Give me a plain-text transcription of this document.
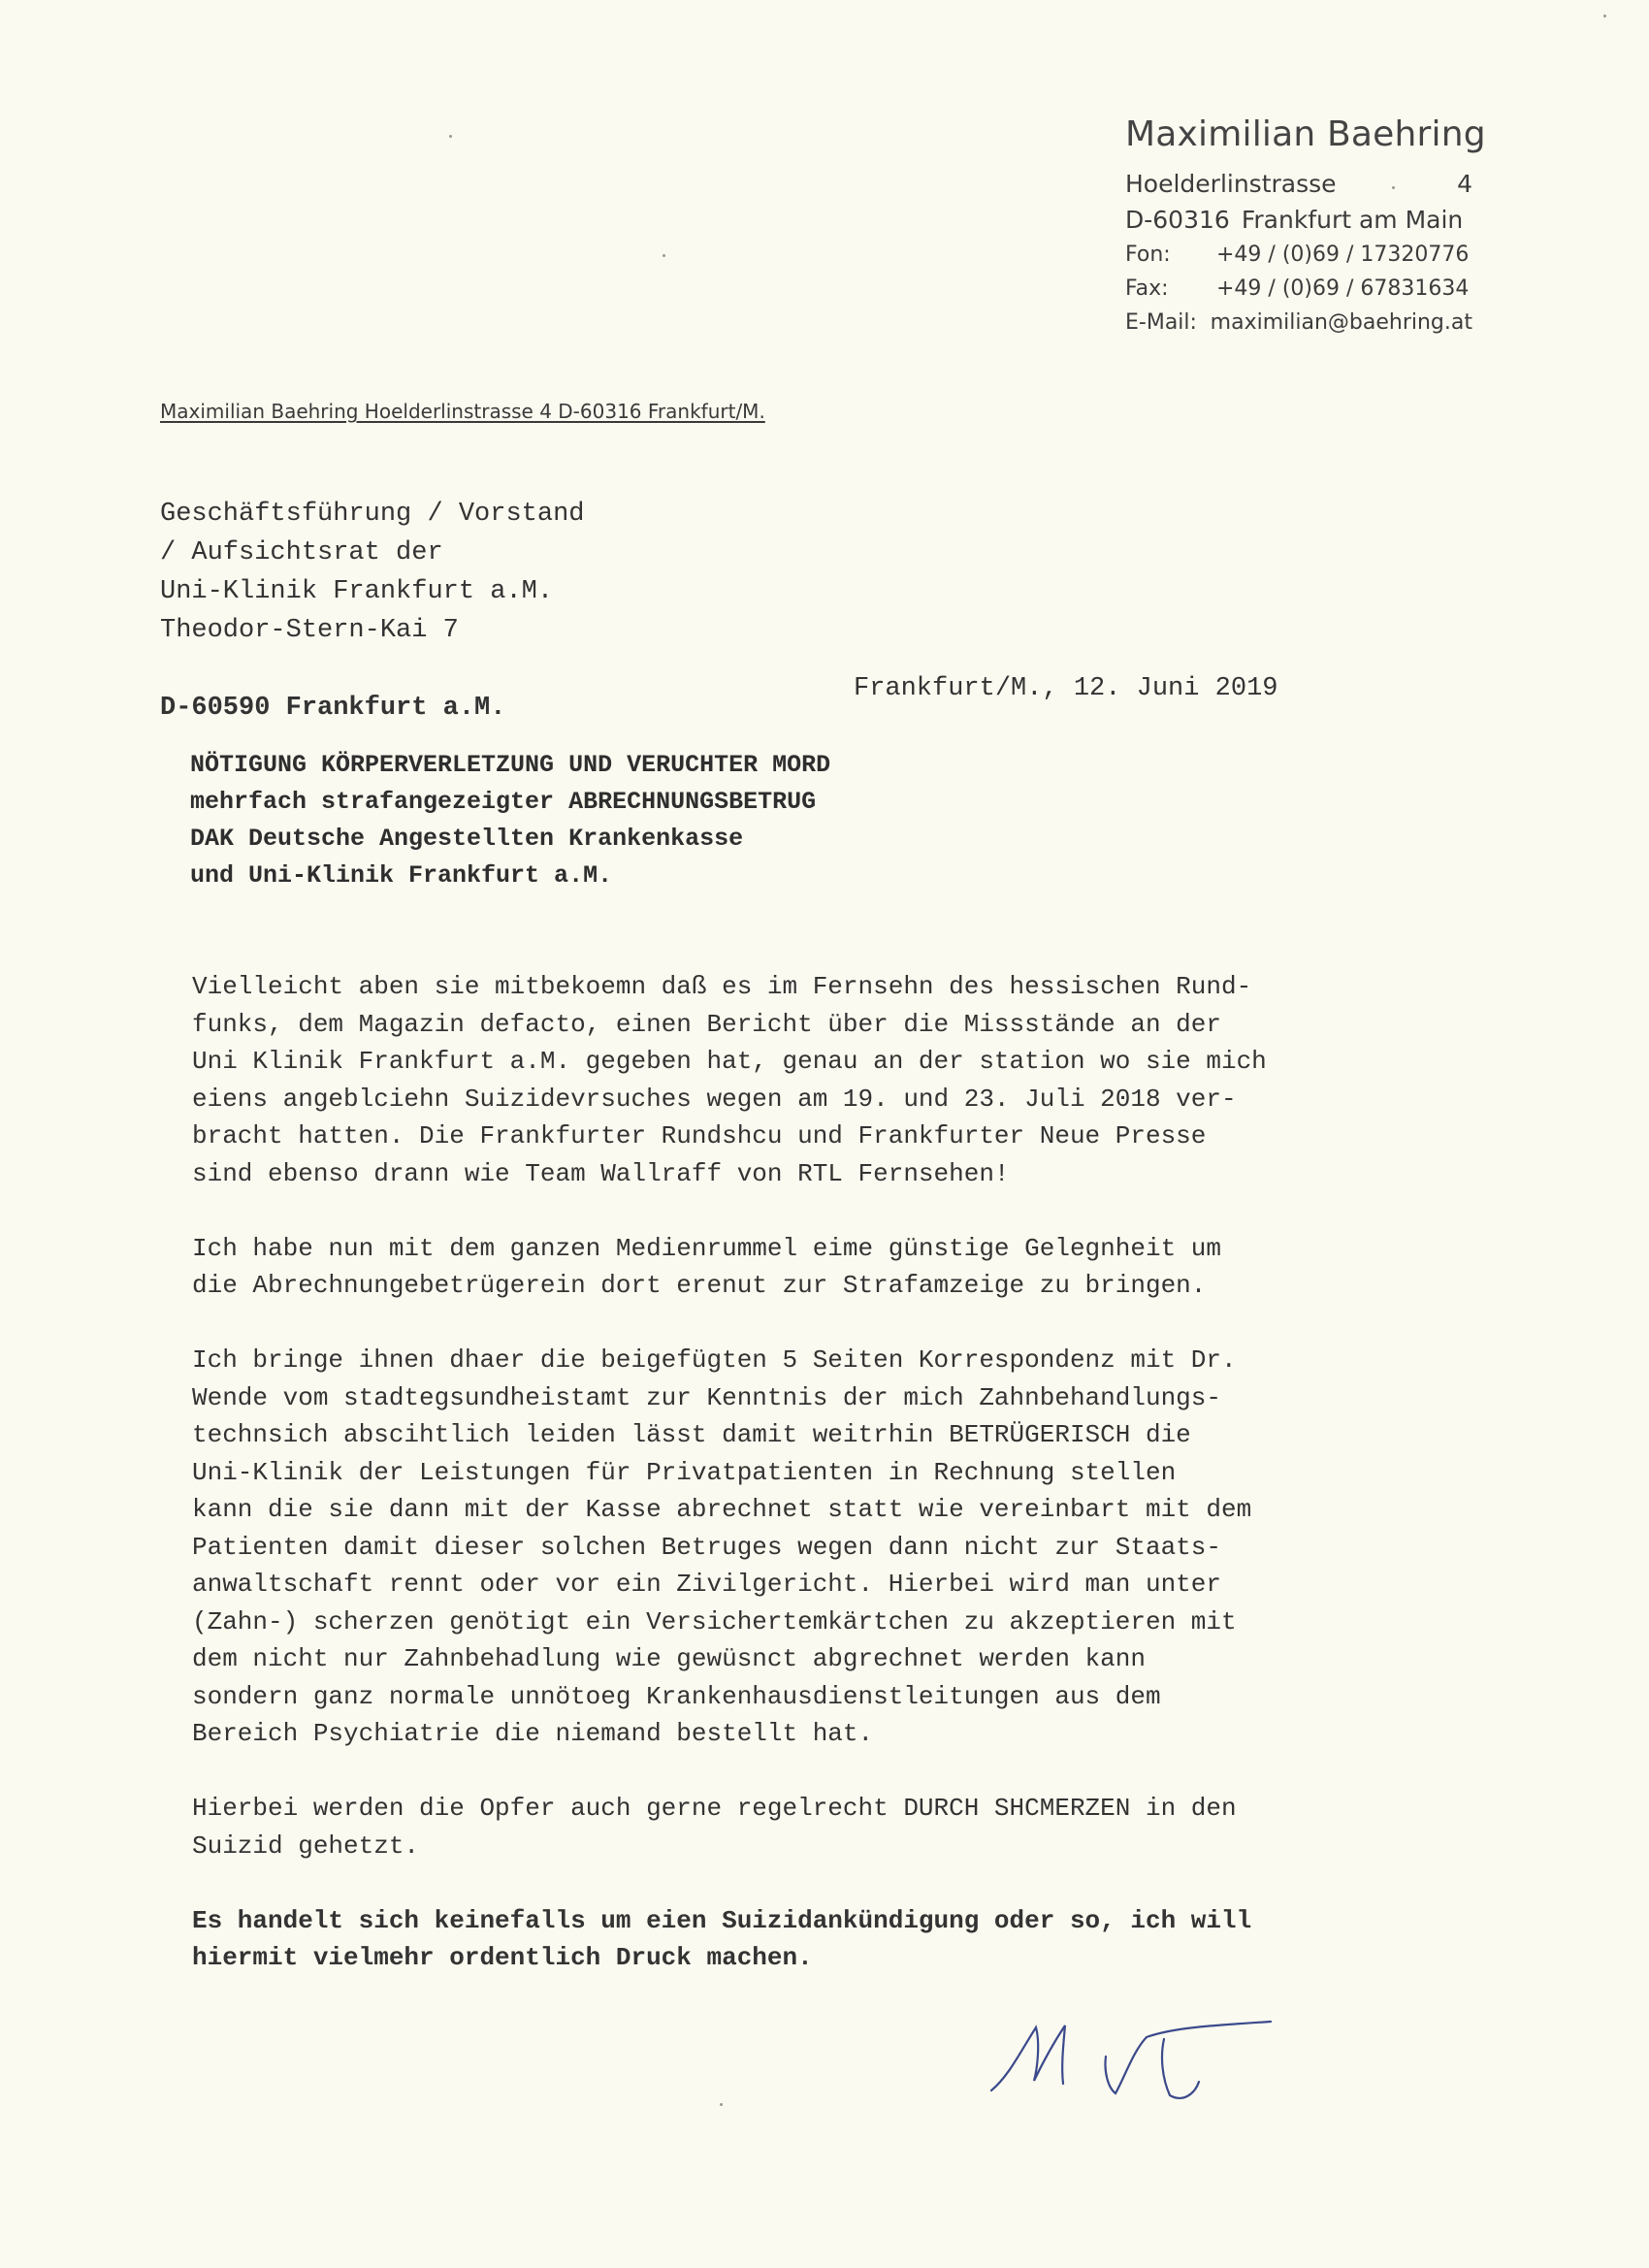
Maximilian Baehring
Hoelderlinstrasse	4
D-60316 Frankfurt am Main
Fon:	+49 / (0)69 / 17320776
Fax:	+49 / (0)69 / 67831634
E-Mail: maximilian@baehring.at
Maximilian Baehring Hoelderlinstrasse 4 D-60316 Frankfurt/M.
Geschäftsführung / Vorstand
/ Aufsichtsrat der
Uni-Klinik Frankfurt a.M.
Theodor-Stern-Kai 7
D-60590 Frankfurt a.M.
Frankfurt/M., 12. Juni 2019
NÖTIGUNG KÖRPERVERLETZUNG UND VERUCHTER MORD
mehrfach strafangezeigter ABRECHNUNGSBETRUG
DAK Deutsche Angestellten Krankenkasse
und Uni-Klinik Frankfurt a.M.

Vielleicht aben sie mitbekoemn daß es im Fernsehn des hessischen Rund-
funks, dem Magazin defacto, einen Bericht über die Missstände an der
Uni Klinik Frankfurt a.M. gegeben hat, genau an der station wo sie mich
eiens angeblciehn Suizidevrsuches wegen am 19. und 23. Juli 2018 ver-
bracht hatten. Die Frankfurter Rundshcu und Frankfurter Neue Presse
sind ebenso drann wie Team Wallraff von RTL Fernsehen!

Ich habe nun mit dem ganzen Medienrummel eime günstige Gelegnheit um
die Abrechnungebetrügerein dort erenut zur Strafamzeige zu bringen.

Ich bringe ihnen dhaer die beigefügten 5 Seiten Korrespondenz mit Dr.
Wende vom stadtegsundheistamt zur Kenntnis der mich Zahnbehandlungs-
technsich abscihtlich leiden lässt damit weitrhin BETRÜGERISCH die
Uni-Klinik der Leistungen für Privatpatienten in Rechnung stellen
kann die sie dann mit der Kasse abrechnet statt wie vereinbart mit dem
Patienten damit dieser solchen Betruges wegen dann nicht zur Staats-
anwaltschaft rennt oder vor ein Zivilgericht. Hierbei wird man unter
(Zahn-) scherzen genötigt ein Versichertemkärtchen zu akzeptieren mit
dem nicht nur Zahnbehadlung wie gewüsnct abgrechnet werden kann
sondern ganz normale unnötoeg Krankenhausdienstleitungen aus dem
Bereich Psychiatrie die niemand bestellt hat.

Hierbei werden die Opfer auch gerne regelrecht DURCH SHCMERZEN in den
Suizid gehetzt.

Es handelt sich keinefalls um eien Suizidankündigung oder so, ich will
hiermit vielmehr ordentlich Druck machen.
